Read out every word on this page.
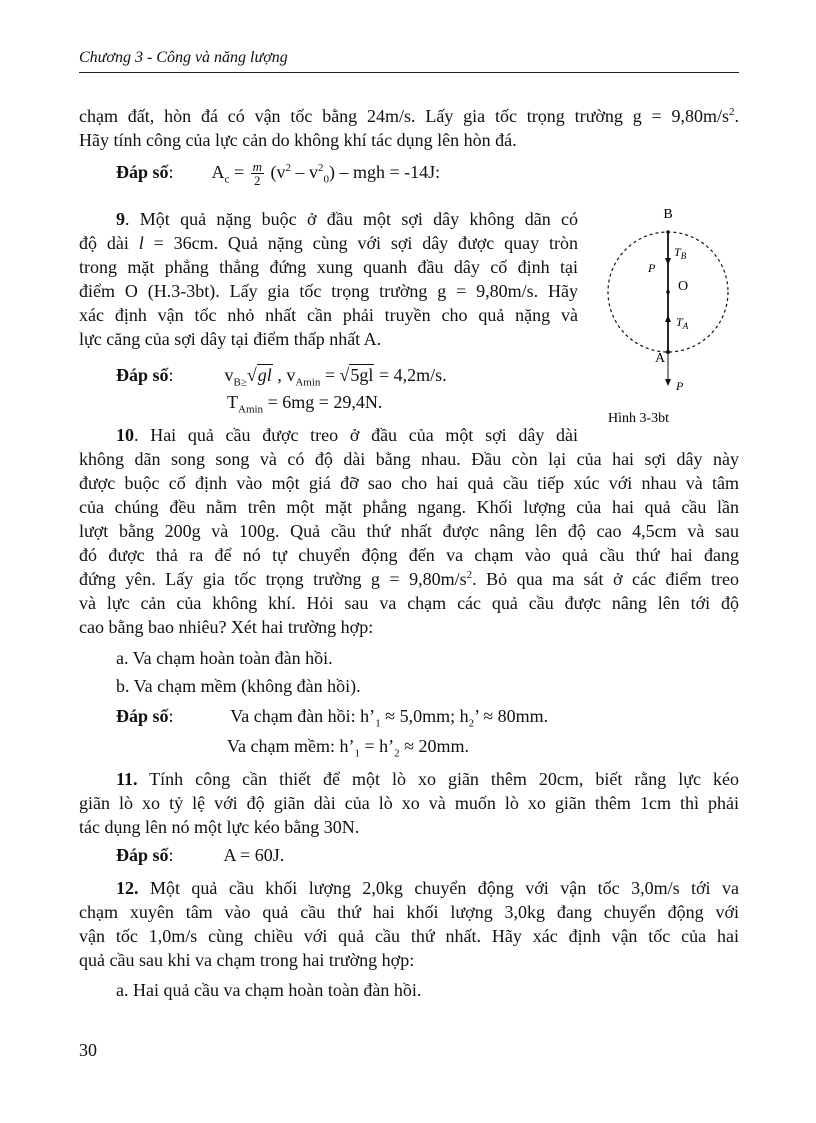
Chương 3 - Công và năng lượng
chạm đất, hòn đá có vận tốc bằng 24m/s. Lấy gia tốc trọng trường $g = 9,80m/s^2$.
Hãy tính công của lực cản do không khí tác dụng lên hòn đá.
Đáp số: $A_c = \frac{m}{2} (v^2 - v^2_0)$ – mgh = -14J:
9. Một quả nặng buộc ở đầu một sợi dây không dãn có
độ dài l = 36cm. Quả nặng cùng với sợi dây được quay tròn
trong mặt phẳng thẳng đứng xung quanh đầu dây cố định tại
điểm O (H.3-3bt). Lấy gia tốc trọng trường g = 9,80m/s. Hãy
xác định vận tốc nhỏ nhất cần phải truyền cho quả nặng và
lực căng của sợi dây tại điểm thấp nhất A.
Đáp số:	$v_{B\ge}√gl$ , $v_{Amin} = √5gl = 4,2m/s$.
$T_{Amin} = 6mg = 29,4N$.
B
O
A
P
$T_B$
$T_A$
P
Hình 3-3bt
10. Hai quả cầu được treo ở đầu của một sợi dây dài
không dãn song song và có độ dài bằng nhau. Đầu còn lại của hai sợi dây này
được buộc cố định vào một giá đỡ sao cho hai quả cầu tiếp xúc với nhau và tâm
của chúng đều nằm trên một mặt phẳng ngang. Khối lượng của hai quả cầu lần
lượt bằng 200g và 100g. Quả cầu thứ nhất được nâng lên độ cao 4,5cm và sau
đó được thả ra để nó tự chuyển động đến va chạm vào quả cầu thứ hai đang
đứng yên. Lấy gia tốc trọng trường $g = 9,80m/s^2$. Bỏ qua ma sát ở các điểm treo
và lực cản của không khí. Hỏi sau va chạm các quả cầu được nâng lên tới độ
cao bằng bao nhiêu? Xét hai trường hợp:
a. Va chạm hoàn toàn đàn hồi.
b. Va chạm mềm (không đàn hồi).
Đáp số:	Va chạm đàn hồi: $h’_1 \approx 5,0mm$; $h_2$’ ≈ 80mm.
Va chạm mềm: $h’_1$ = $h’_2 \approx 20mm$.
11. Tính công cần thiết để một lò xo giãn thêm 20cm, biết rằng lực kéo
giãn lò xo tỷ lệ với độ giãn dài của lò xo và muốn lò xo giãn thêm 1cm thì phải
tác dụng lên nó một lực kéo bằng 30N.
Đáp số:	A = 60J.
12. Một quả cầu khối lượng 2,0kg chuyển động với vận tốc 3,0m/s tới va
chạm xuyên tâm vào quả cầu thứ hai khối lượng 3,0kg đang chuyển động với
vận tốc 1,0m/s cùng chiều với quả cầu thứ nhất. Hãy xác định vận tốc của hai
quả cầu sau khi va chạm trong hai trường hợp:
a. Hai quả cầu va chạm hoàn toàn đàn hồi.
30
